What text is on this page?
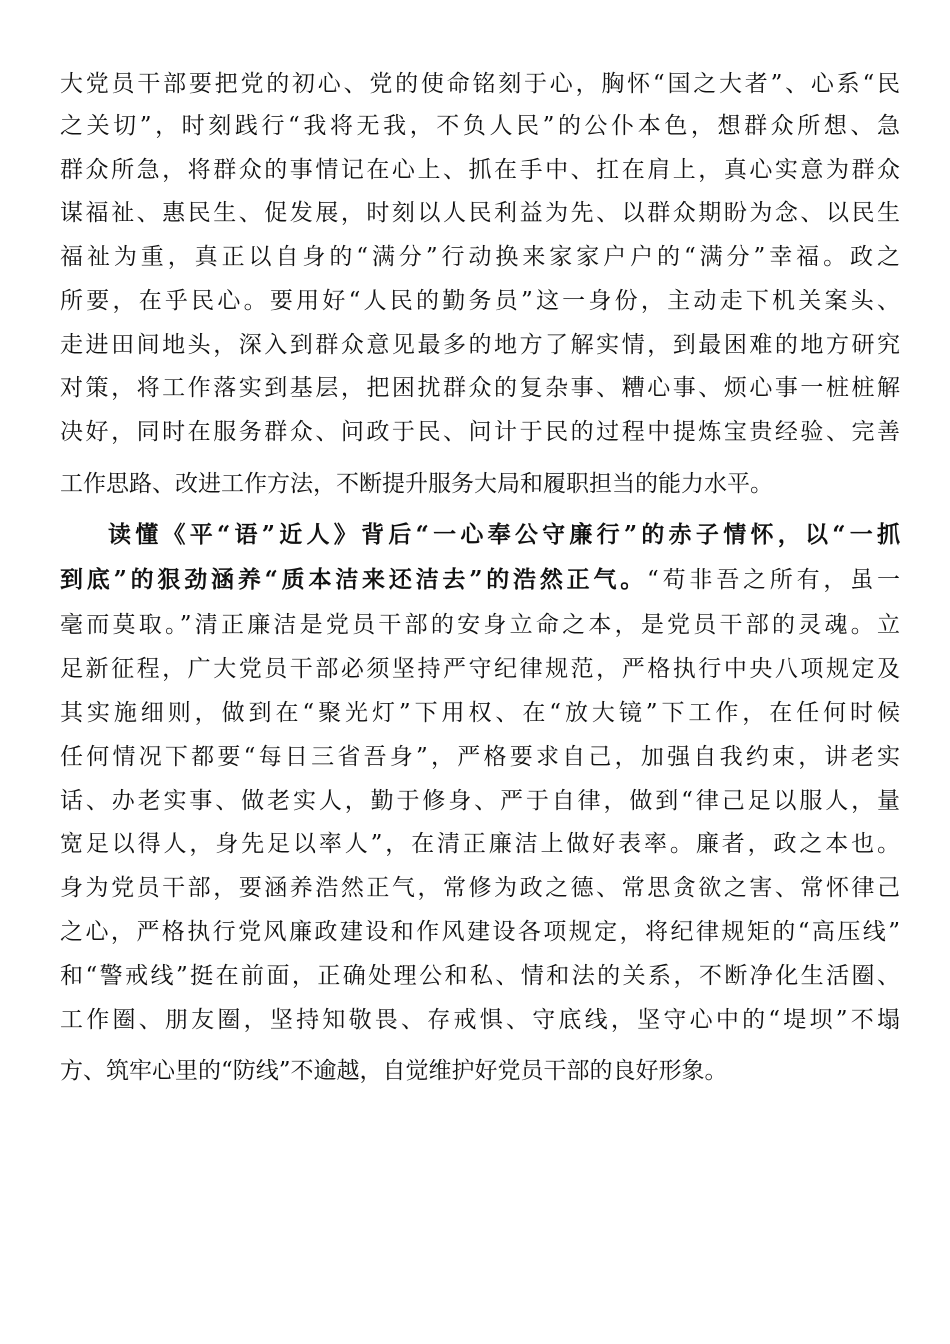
大党员干部要把党的初心、党的使命铭刻于心，胸怀“国之大者”、心系“民
之关切”，时刻践行“我将无我，不负人民”的公仆本色，想群众所想、急
群众所急，将群众的事情记在心上、抓在手中、扛在肩上，真心实意为群众
谋福祉、惠民生、促发展，时刻以人民利益为先、以群众期盼为念、以民生
福祉为重，真正以自身的“满分”行动换来家家户户的“满分”幸福。政之
所要，在乎民心。要用好“人民的勤务员”这一身份，主动走下机关案头、
走进田间地头，深入到群众意见最多的地方了解实情，到最困难的地方研究
对策，将工作落实到基层，把困扰群众的复杂事、糟心事、烦心事一桩桩解
决好，同时在服务群众、问政于民、问计于民的过程中提炼宝贵经验、完善
工作思路、改进工作方法，不断提升服务大局和履职担当的能力水平。
读懂《平“语”近人》背后“一心奉公守廉行”的赤子情怀，以“一抓
到底”的狠劲涵养“质本洁来还洁去”的浩然正气。“苟非吾之所有，虽一
毫而莫取。”清正廉洁是党员干部的安身立命之本，是党员干部的灵魂。立
足新征程，广大党员干部必须坚持严守纪律规范，严格执行中央八项规定及
其实施细则，做到在“聚光灯”下用权、在“放大镜”下工作，在任何时候
任何情况下都要“每日三省吾身”，严格要求自己，加强自我约束，讲老实
话、办老实事、做老实人，勤于修身、严于自律，做到“律己足以服人，量
宽足以得人，身先足以率人”，在清正廉洁上做好表率。廉者，政之本也。
身为党员干部，要涵养浩然正气，常修为政之德、常思贪欲之害、常怀律己
之心，严格执行党风廉政建设和作风建设各项规定，将纪律规矩的“高压线”
和“警戒线”挺在前面，正确处理公和私、情和法的关系，不断净化生活圈、
工作圈、朋友圈，坚持知敬畏、存戒惧、守底线，坚守心中的“堤坝”不塌
方、筑牢心里的“防线”不逾越，自觉维护好党员干部的良好形象。
